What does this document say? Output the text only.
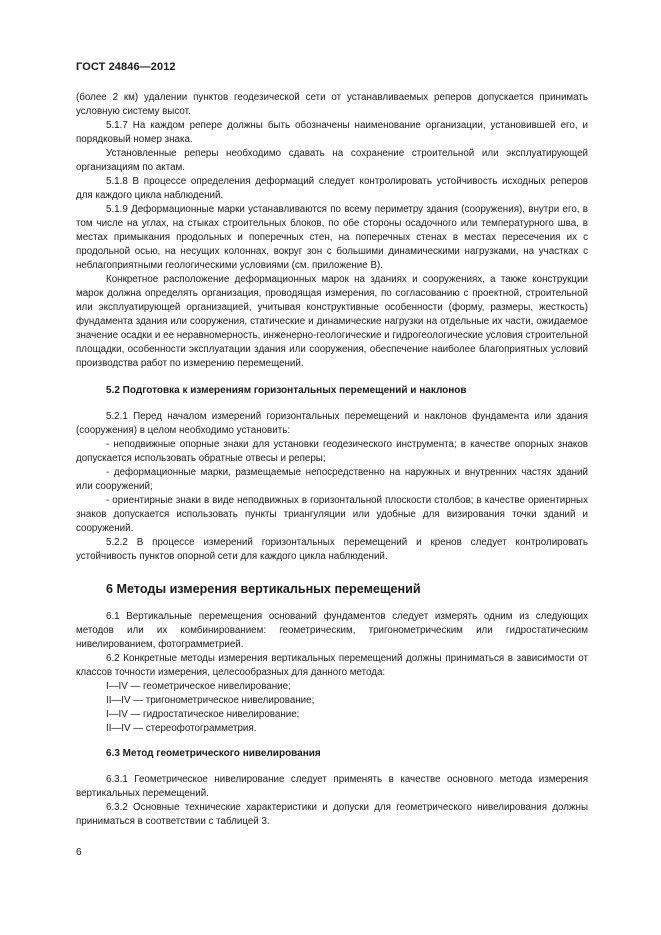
ГОСТ 24846—2012

(более 2 км) удалении пунктов геодезической сети от устанавливаемых реперов допускается принимать условную систему высот.

5.1.7 На каждом репере должны быть обозначены наименование организации, установившей его, и порядковый номер знака.

Установленные реперы необходимо сдавать на сохранение строительной или эксплуатирующей организациям по актам.

5.1.8 В процессе определения деформаций следует контролировать устойчивость исходных реперов для каждого цикла наблюдений.

5.1.9 Деформационные марки устанавливаются по всему периметру здания (сооружения), внутри его, в том числе на углах, на стыках строительных блоков, по обе стороны осадочного или температурного шва, в местах примыкания продольных и поперечных стен, на поперечных стенах в местах пересечения их с продольной осью, на несущих колоннах, вокруг зон с большими динамическими нагрузками, на участках с неблагоприятными геологическими условиями (см. приложение В).

Конкретное расположение деформационных марок на зданиях и сооружениях, а также конструкции марок должна определять организация, проводящая измерения, по согласованию с проектной, строительной или эксплуатирующей организацией, учитывая конструктивные особенности (форму, размеры, жесткость) фундамента здания или сооружения, статические и динамические нагрузки на отдельные их части, ожидаемое значение осадки и ее неравномерность, инженерно-геологические и гидрогеологические условия строительной площадки, особенности эксплуатации здания или сооружения, обеспечение наиболее благоприятных условий производства работ по измерению перемещений.

5.2 Подготовка к измерениям горизонтальных перемещений и наклонов

5.2.1 Перед началом измерений горизонтальных перемещений и наклонов фундамента или здания (сооружения) в целом необходимо установить:

- неподвижные опорные знаки для установки геодезического инструмента; в качестве опорных знаков допускается использовать обратные отвесы и реперы;

- деформационные марки, размещаемые непосредственно на наружных и внутренних частях зданий или сооружений;

- ориентирные знаки в виде неподвижных в горизонтальной плоскости столбов; в качестве ориентирных знаков допускается использовать пункты триангуляции или удобные для визирования точки зданий и сооружений.

5.2.2 В процессе измерений горизонтальных перемещений и кренов следует контролировать устойчивость пунктов опорной сети для каждого цикла наблюдений.

6 Методы измерения вертикальных перемещений

6.1 Вертикальные перемещения оснований фундаментов следует измерять одним из следующих методов или их комбинированием: геометрическим, тригонометрическим или гидростатическим нивелированием, фотограмметрией.

6.2 Конкретные методы измерения вертикальных перемещений должны приниматься в зависимости от классов точности измерения, целесообразных для данного метода:

I—IV — геометрическое нивелирование;

II—IV — тригонометрическое нивелирование;

I—IV — гидростатическое нивелирование;

II—IV — стереофотограмметрия.

6.3 Метод геометрического нивелирования

6.3.1 Геометрическое нивелирование следует применять в качестве основного метода измерения вертикальных перемещений.

6.3.2 Основные технические характеристики и допуски для геометрического нивелирования должны приниматься в соответствии с таблицей 3.

6
